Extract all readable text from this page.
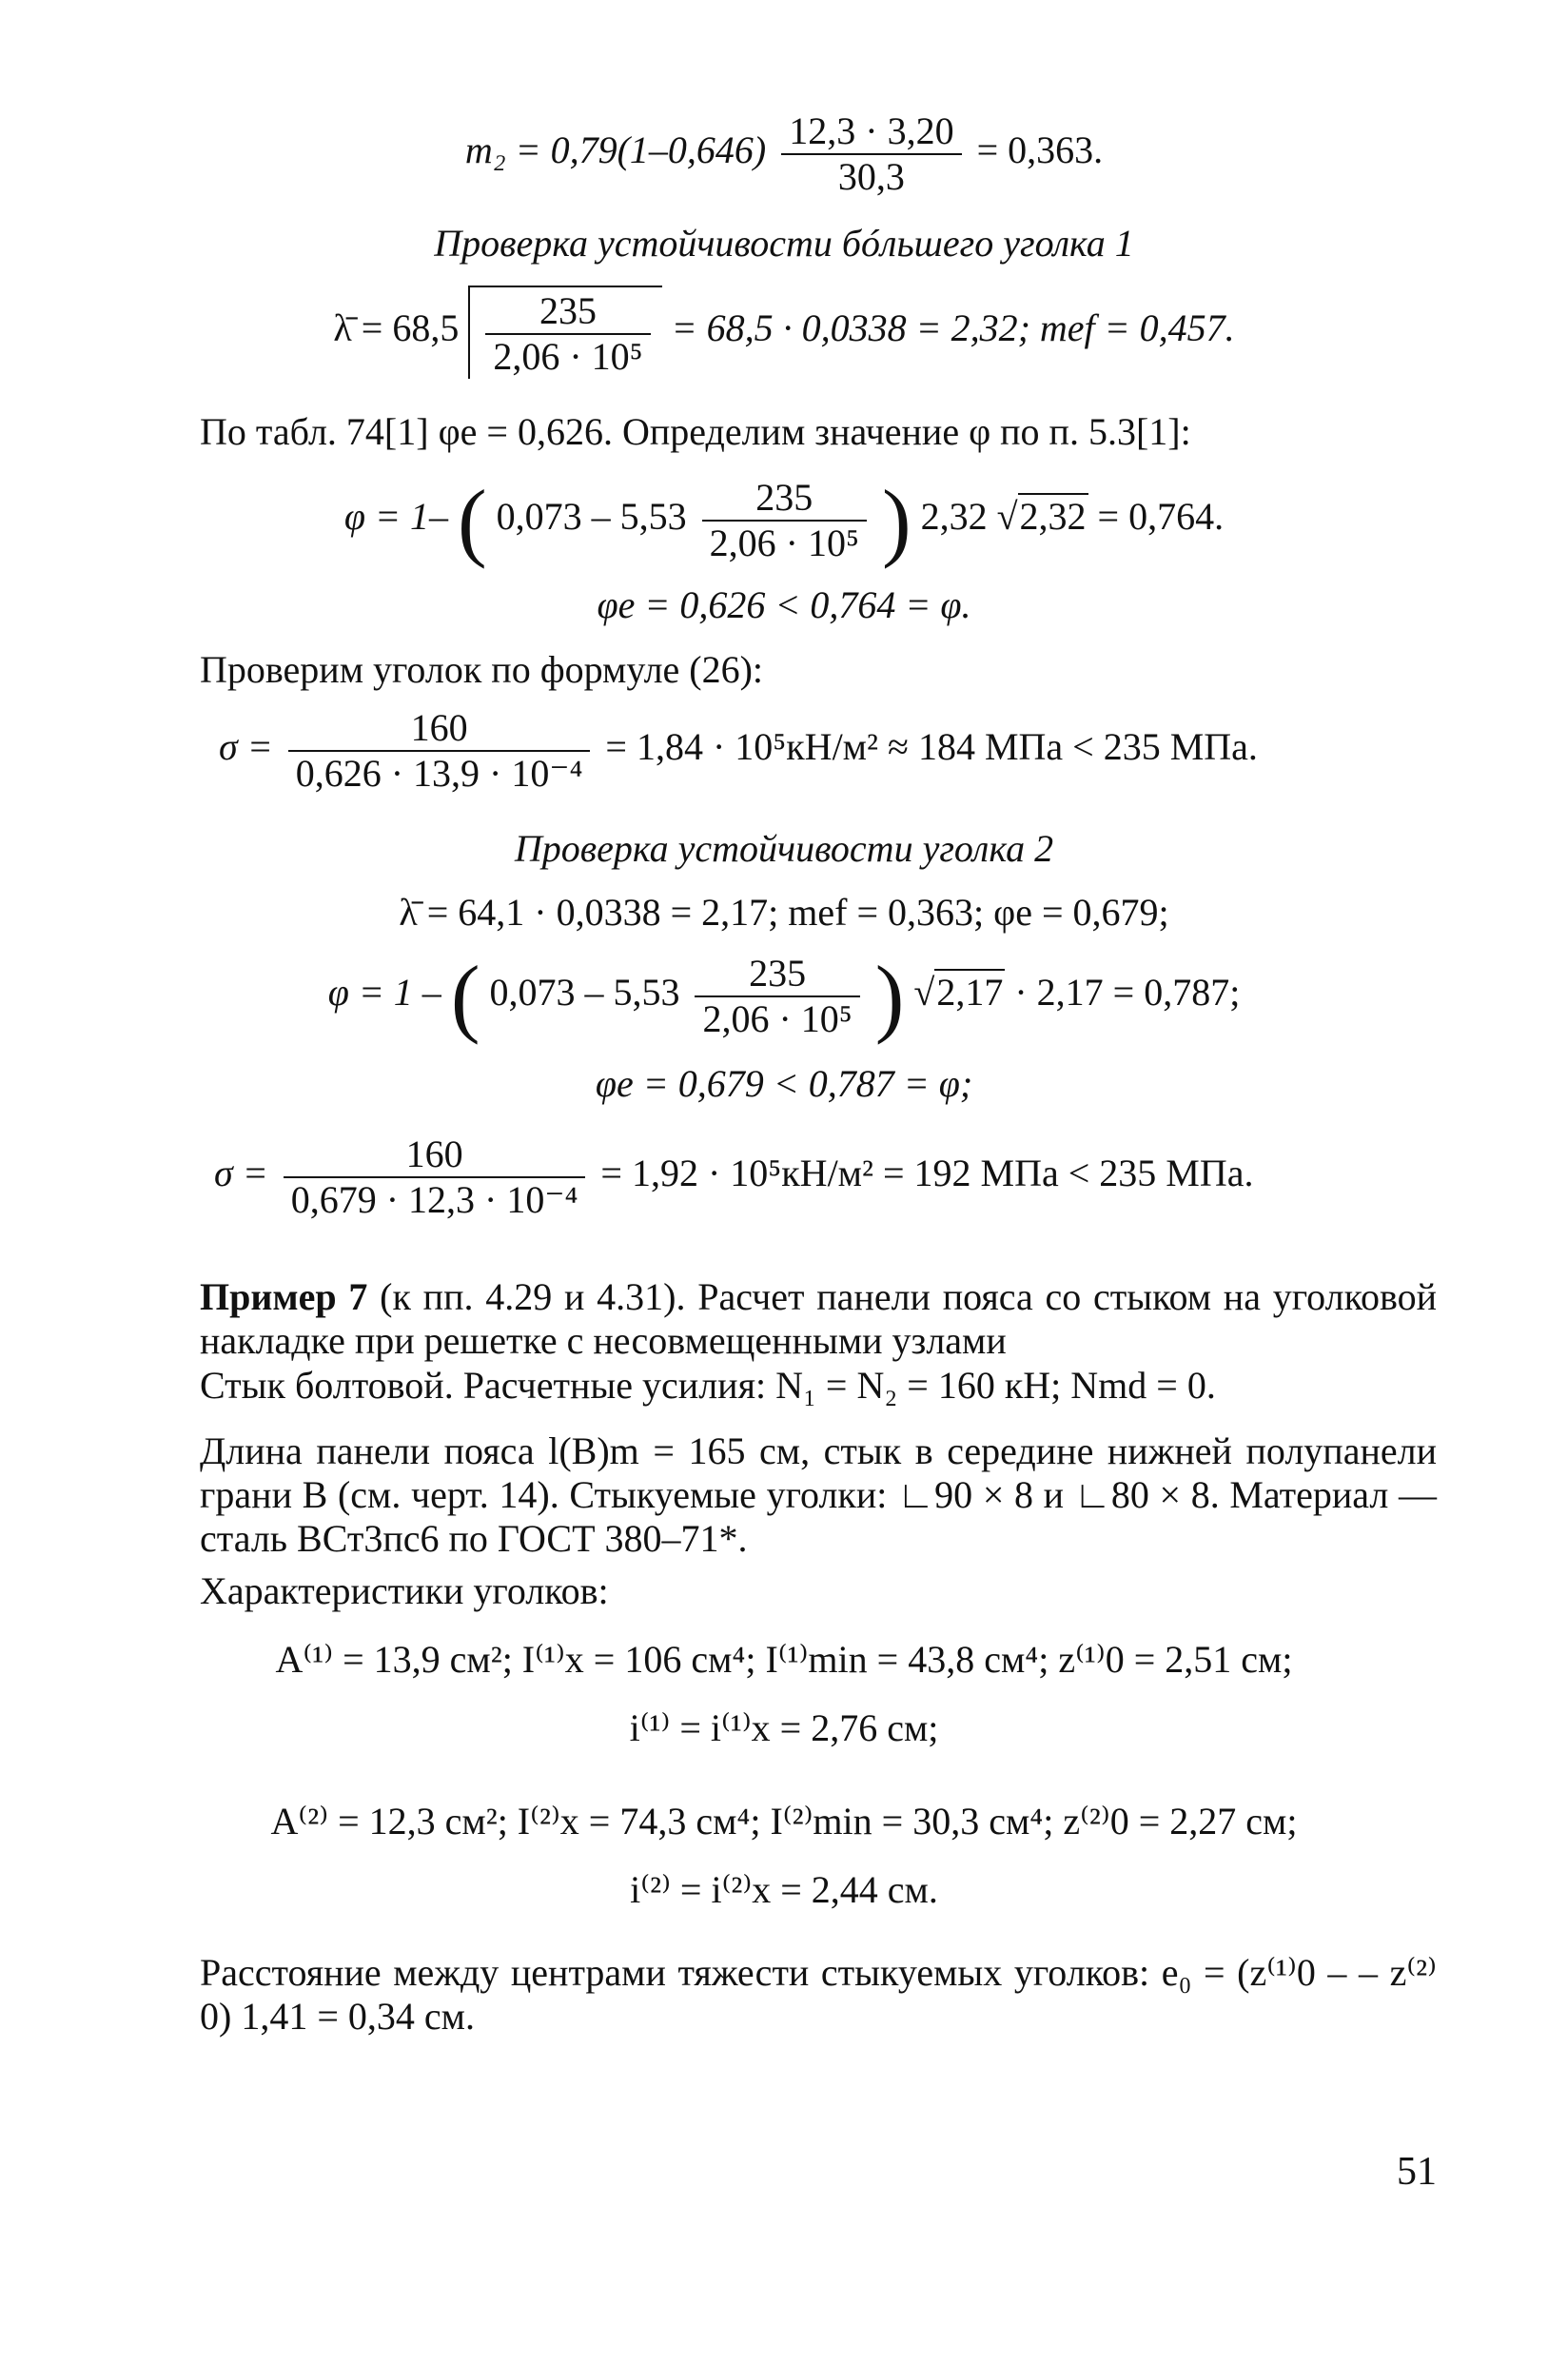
$m_2 = 0,79(1-0,646) \frac{12,3 \cdot 3,20}{30,3} = 0,363$.
Проверка устойчивости бóльшего уголка 1
λ̄ = $68,5 \frac{235}{\text{2,06 · 10⁵}} = 68,5 \cdot 0,0338 = 2,32$; mef = 0,457.
По табл. 74[1] φe = 0,626. Определим значение φ по п. 5.3[1]:
φ = 1– ( $0,073 - 5,53 \frac{235}{\text{2,06 · 10⁵}}$ ) 2,32 √2,32 = 0,764.
φe = 0,626 < 0,764 = φ.
Проверим уголок по формуле (26):
$\sigma = \frac{160}{\text{0,626 · 13,9 · 10⁻⁴}} = 1,84 \cdot 10^5кН/м^2 \approx 184$ МПа < 235 МПа.
Проверка устойчивости уголка 2
λ̄ = 64,1 · 0,0338 = 2,17; mef = 0,363; φe = 0,679;
φ = 1 – ( $0,073 - 5,53 \frac{235}{\text{2,06 · 10⁵}}$ ) √2,17 · 2,17 = 0,787;
φe = 0,679 < 0,787 = φ;
$\sigma = \frac{160}{\text{0,679 · 12,3 · 10⁻⁴}} = 1,92 \cdot 10^5кН/м^2 = 192$ МПа < 235 МПа.
Пример 7 (к пп. 4.29 и 4.31). Расчет панели пояса со стыком на уголковой накладке при решетке с несовмещенными узлами
Стык болтовой. Расчетные усилия: N₁ = N₂ = 160 кН; Nmd = 0.
Длина панели пояса l(B)m = 165 см, стык в середине нижней полупанели грани B (см. черт. 14). Стыкуемые уголки: ∟90 × 8 и ∟80 × 8. Материал — сталь ВСт3пс6 по ГОСТ 380–71*.
Характеристики уголков:
A⁽¹⁾ = 13,9 см²; I⁽¹⁾x = 106 см⁴; I⁽¹⁾min = 43,8 см⁴; z⁽¹⁾0 = 2,51 см;
i⁽¹⁾ = i⁽¹⁾x = 2,76 см;
A⁽²⁾ = 12,3 см²; I⁽²⁾x = 74,3 см⁴; I⁽²⁾min = 30,3 см⁴; z⁽²⁾0 = 2,27 см;
i⁽²⁾ = i⁽²⁾x = 2,44 см.
Расстояние между центрами тяжести стыкуемых уголков: e₀ = (z⁽¹⁾0 – – z⁽²⁾0) 1,41 = 0,34 см.
51
